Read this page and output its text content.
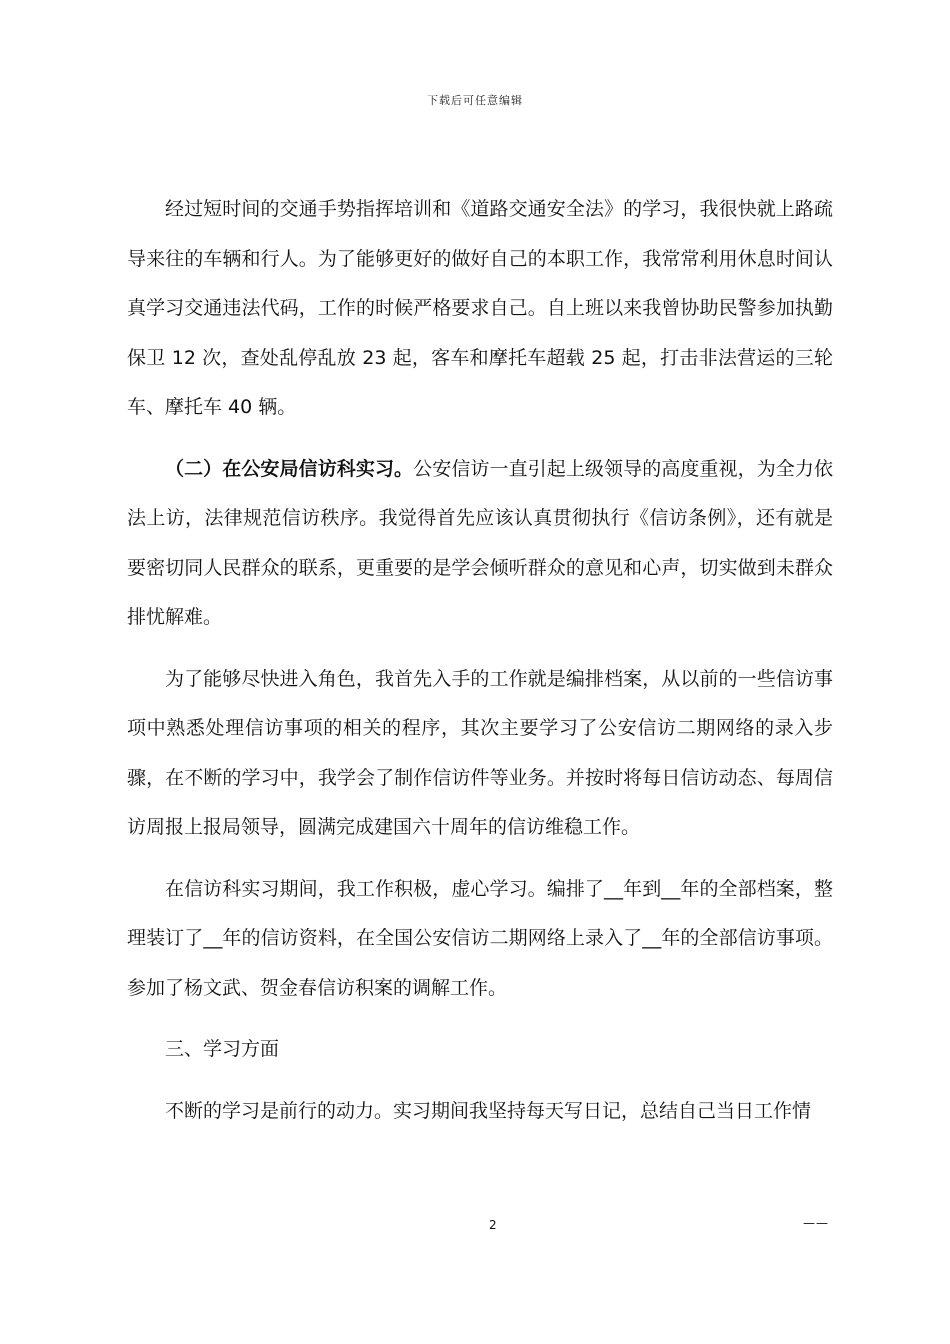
下载后可任意编辑

经过短时间的交通手势指挥培训和《道路交通安全法》的学习，我很快就上路疏导来往的车辆和行人。为了能够更好的做好自己的本职工作，我常常利用休息时间认真学习交通违法代码，工作的时候严格要求自己。自上班以来我曾协助民警参加执勤保卫 12 次，查处乱停乱放 23 起，客车和摩托车超载 25 起，打击非法营运的三轮车、摩托车 40 辆。

（二）在公安局信访科实习。公安信访一直引起上级领导的高度重视，为全力依法上访，法律规范信访秩序。我觉得首先应该认真贯彻执行《信访条例》，还有就是要密切同人民群众的联系，更重要的是学会倾听群众的意见和心声，切实做到未群众排忧解难。

为了能够尽快进入角色，我首先入手的工作就是编排档案，从以前的一些信访事项中熟悉处理信访事项的相关的程序，其次主要学习了公安信访二期网络的录入步骤，在不断的学习中，我学会了制作信访件等业务。并按时将每日信访动态、每周信访周报上报局领导，圆满完成建国六十周年的信访维稳工作。

在信访科实习期间，我工作积极，虚心学习。编排了__年到__年的全部档案，整理装订了__年的信访资料，在全国公安信访二期网络上录入了__年的全部信访事项。参加了杨文武、贺金春信访积案的调解工作。

三、学习方面

不断的学习是前行的动力。实习期间我坚持每天写日记，总结自己当日工作情

2	——
